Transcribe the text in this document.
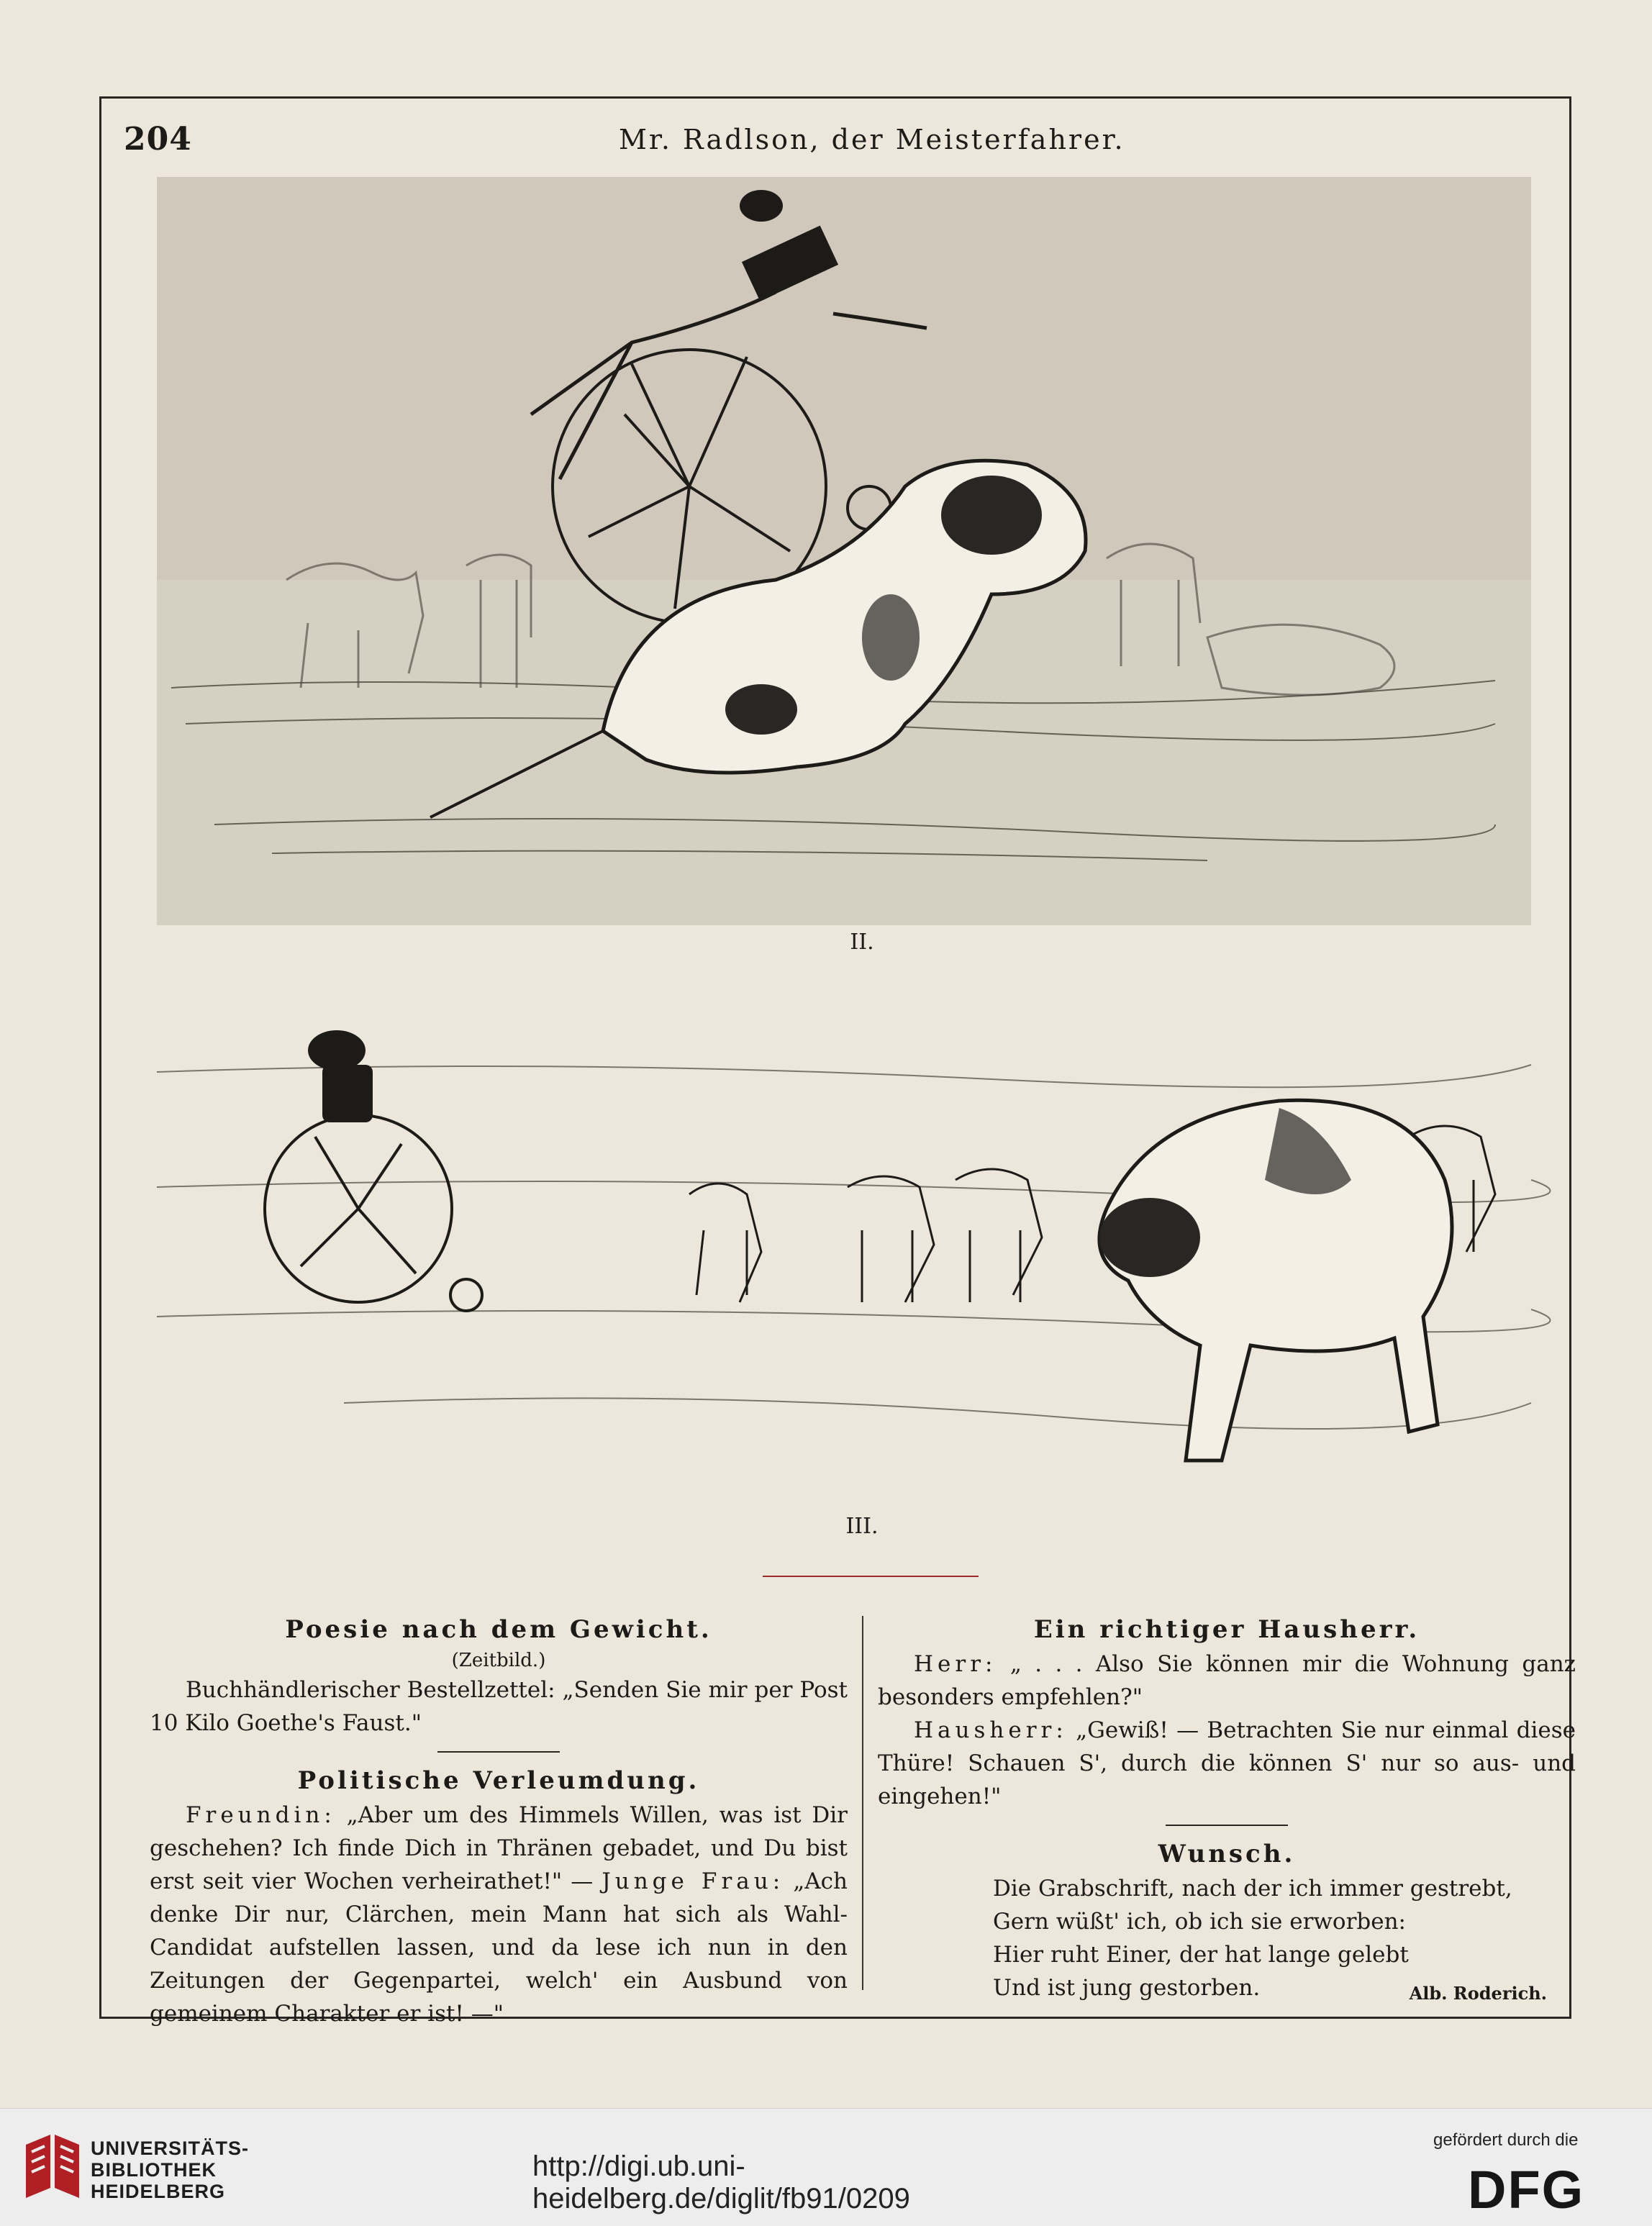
204	Mr. Radlson, der Meisterfahrer.
II.
III.
Poesie nach dem Gewicht.
(Zeitbild.)

Buchhändlerischer Bestellzettel: „Senden Sie mir per Post 10 Kilo Goethe's Faust."

Politische Verleumdung.

Freundin: „Aber um des Himmels Willen, was ist Dir geschehen? Ich finde Dich in Thränen gebadet, und Du bist erst seit vier Wochen verheirathet!" — Junge Frau: „Ach denke Dir nur, Clärchen, mein Mann hat sich als Wahl-Candidat aufstellen lassen, und da lese ich nun in den Zeitungen der Gegenpartei, welch' ein Ausbund von gemeinem Charakter er ist! —"

Ein richtiger Hausherr.

Herr: „ . . . Also Sie können mir die Wohnung ganz besonders empfehlen?"

Hausherr: „Gewiß! — Betrachten Sie nur einmal diese Thüre! Schauen S', durch die können S' nur so aus- und eingehen!"

Wunsch.

Die Grabschrift, nach der ich immer gestrebt,

Gern wüßt' ich, ob ich sie erworben:

Hier ruht Einer, der hat lange gelebt

Und ist jung gestorben.	Alb. Roderich.
UNIVERSITÄTS-
BIBLIOTHEK
HEIDELBERG
http://digi.ub.uni-heidelberg.de/diglit/fb91/0209
gefördert durch die
DFG
